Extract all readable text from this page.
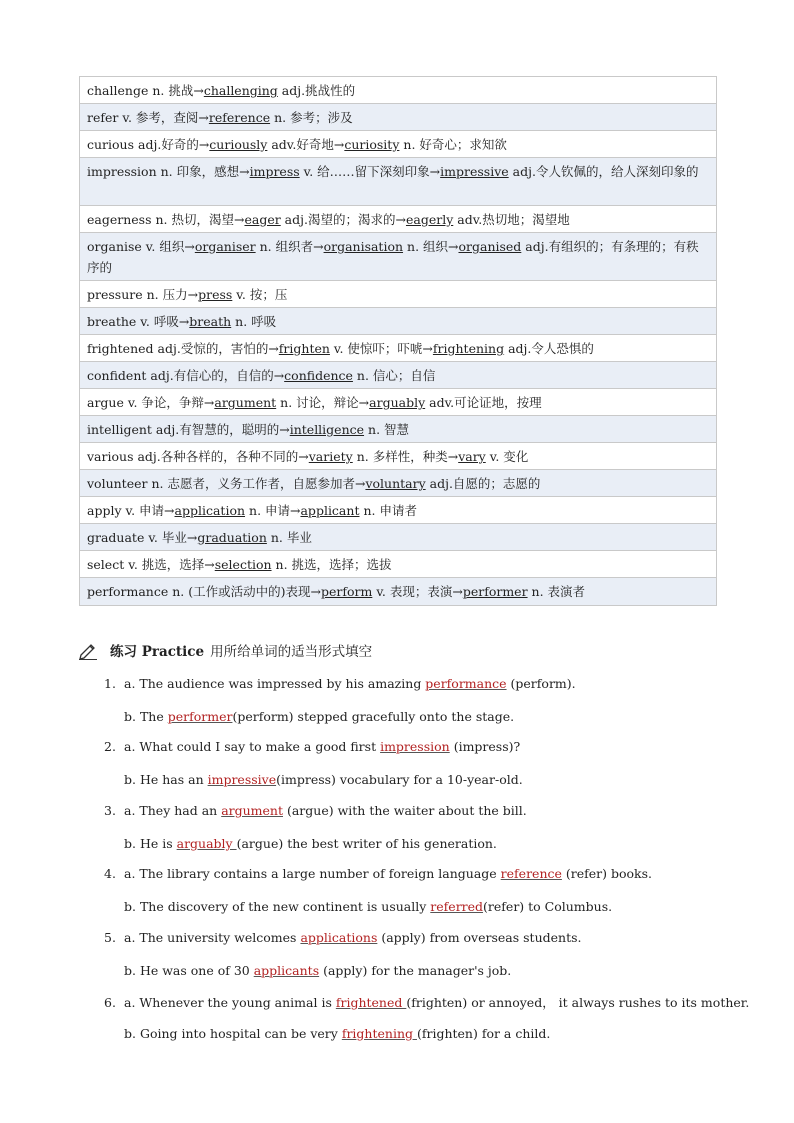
challenge n. 挑战→challenging adj.挑战性的
refer v. 参考，查阅→reference n. 参考；涉及
curious adj.好奇的→curiously adv.好奇地→curiosity n. 好奇心；求知欲
impression n. 印象，感想→impress v. 给……留下深刻印象→impressive adj.令人钦佩的，给人深刻印象的
eagerness n. 热切，渴望→eager adj.渴望的；渴求的→eagerly adv.热切地；渴望地
organise v. 组织→organiser n. 组织者→organisation n. 组织→organised adj.有组织的；有条理的；有秩序的
pressure n. 压力→press v. 按；压
breathe v. 呼吸→breath n. 呼吸
frightened adj.受惊的，害怕的→frighten v. 使惊吓；吓唬→frightening adj.令人恐惧的
confident adj.有信心的，自信的→confidence n. 信心；自信
argue v. 争论，争辩→argument n. 讨论，辩论→arguably adv.可论证地，按理
intelligent adj.有智慧的，聪明的→intelligence n. 智慧
various adj.各种各样的，各种不同的→variety n. 多样性，种类→vary v. 变化
volunteer n. 志愿者，义务工作者，自愿参加者→voluntary adj.自愿的；志愿的
apply v. 申请→application n. 申请→applicant n. 申请者
graduate v. 毕业→graduation n. 毕业
select v. 挑选，选择→selection n. 挑选，选择；选拔
performance n. (工作或活动中的)表现→perform v. 表现；表演→performer n. 表演者
练习 Practice 用所给单词的适当形式填空
1. a. The audience was impressed by his amazing performance (perform).
b. The performer(perform) stepped gracefully onto the stage.
2. a. What could I say to make a good first impression (impress)?
b. He has an impressive(impress) vocabulary for a 10-year-old.
3. a. They had an argument (argue) with the waiter about the bill.
b. He is arguably (argue) the best writer of his generation.
4. a. The library contains a large number of foreign language reference (refer) books.
b. The discovery of the new continent is usually referred(refer) to Columbus.
5. a. The university welcomes applications (apply) from overseas students.
b. He was one of 30 applicants (apply) for the manager's job.
6. a. Whenever the young animal is frightened (frighten) or annoyed， it always rushes to its mother.
b. Going into hospital can be very frightening (frighten) for a child.
